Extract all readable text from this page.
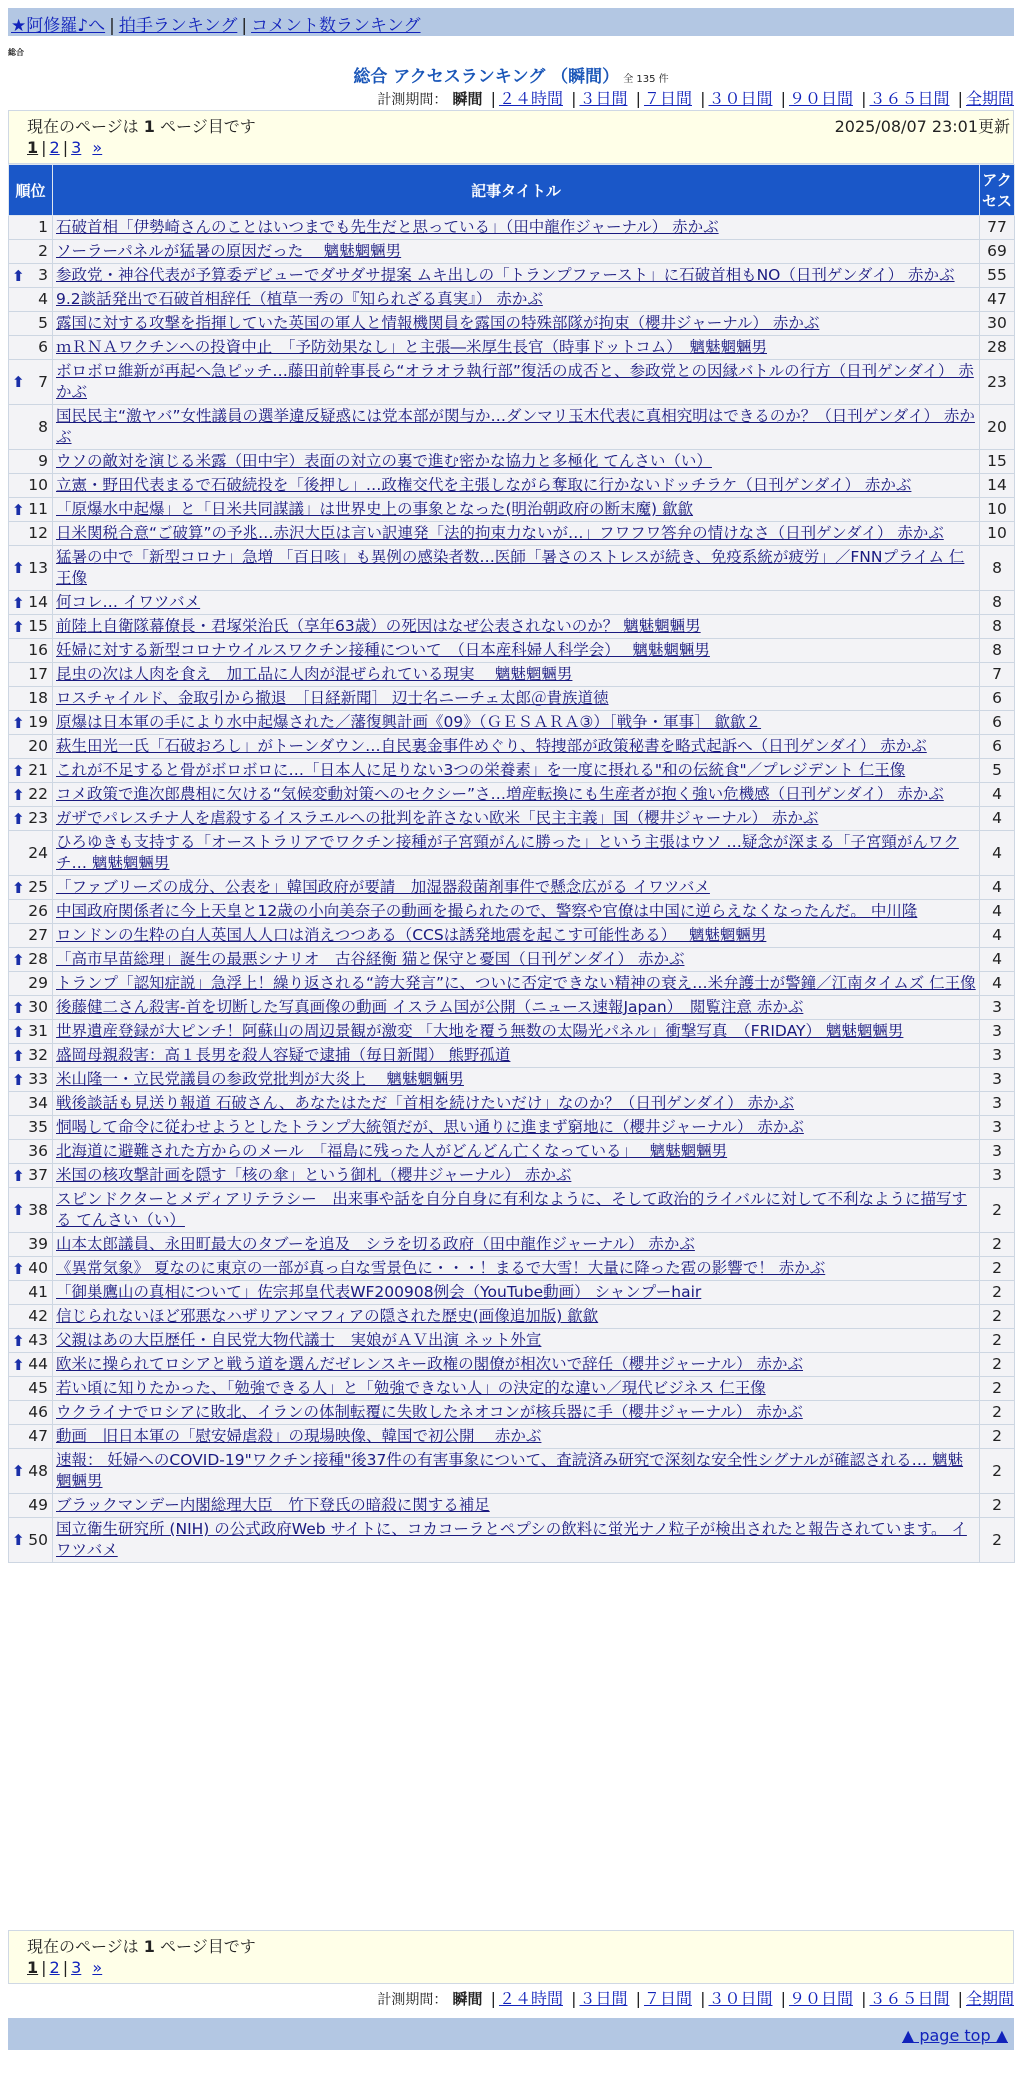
★阿修羅♪へ | 拍手ランキング | コメント数ランキング
総合
総合 アクセスランキング （瞬間） 全 135 件
計測期間： 瞬間 | ２４時間 | ３日間 | ７日間 | ３０日間 | ９０日間 | ３６５日間 | 全期間
現在のページは 1 ページ目です	2025/08/07 23:01更新
1 | 2 | 3 »
順位	記事タイトル	アクセス
1	石破首相「伊勢崎さんのことはいつまでも先生だと思っている」（田中龍作ジャーナル） 赤かぶ	77
2	ソーラーパネルが猛暑の原因だった　 魑魅魍魎男	69

⬆ 3	参政党・神谷代表が予算委デビューでダサダサ提案 ムキ出しの「トランプファースト」に石破首相もNO（日刊ゲンダイ） 赤かぶ	55
4	9.2談話発出で石破首相辞任（植草一秀の『知られざる真実』） 赤かぶ	47
5	露国に対する攻撃を指揮していた英国の軍人と情報機関員を露国の特殊部隊が拘束（櫻井ジャーナル） 赤かぶ	30
6	ｍＲＮＡワクチンへの投資中止　「予防効果なし」と主張―米厚生長官（時事ドットコム）　魑魅魍魎男	28

⬆ 7	ボロボロ維新が再起へ急ピッチ…藤田前幹事長ら“オラオラ執行部”復活の成否と、参政党との因縁バトルの行方（日刊ゲンダイ） 赤かぶ	23
8	国民民主“激ヤバ”女性議員の選挙違反疑惑には党本部が関与か…ダンマリ玉木代表に真相究明はできるのか？（日刊ゲンダイ） 赤かぶ	20
9	ウソの敵対を演じる米露（田中宇）表面の対立の裏で進む密かな協力と多極化 てんさい（い）	15
10	立憲・野田代表まるで石破続投を「後押し」…政権交代を主張しながら奪取に行かないドッチラケ（日刊ゲンダイ） 赤かぶ	14

⬆ 11	「原爆水中起爆」と「日米共同謀議」は世界史上の事象となった(明治朝政府の断末魔) 歙歙	10
12	日米関税合意“ご破算”の予兆…赤沢大臣は言い訳連発「法的拘束力ないが…」フワフワ答弁の情けなさ（日刊ゲンダイ） 赤かぶ	10

⬆ 13	猛暑の中で「新型コロナ」急増 「百日咳」も異例の感染者数…医師「暑さのストレスが続き、免疫系統が疲労」／FNNプライム 仁王像	8

⬆ 14	何コレ… イワツバメ	8

⬆ 15	前陸上自衛隊幕僚長・君塚栄治氏（享年63歳）の死因はなぜ公表されないのか？ 魑魅魍魎男	8
16	妊婦に対する新型コロナウイルスワクチン接種について　（日本産科婦人科学会）　 魑魅魍魎男	8
17	昆虫の次は人肉を食え　加工品に人肉が混ぜられている現実　 魑魅魍魎男	7
18	ロスチャイルド、金取引から撤退　［日経新聞］ 辺士名ニーチェ太郎＠貴族道徳	6

⬆ 19	原爆は日本軍の手により水中起爆された／藩復興計画《09》（ＧＥＳＡＲＡ③）［戦争・軍事］ 歙歙２	6
20	萩生田光一氏「石破おろし」がトーンダウン…自民裏金事件めぐり、特捜部が政策秘書を略式起訴へ（日刊ゲンダイ） 赤かぶ	6

⬆ 21	これが不足すると骨がボロボロに…「日本人に足りない3つの栄養素」を一度に摂れる"和の伝統食"／プレジデント 仁王像	5

⬆ 22	コメ政策で進次郎農相に欠ける“気候変動対策へのセクシー”さ…増産転換にも生産者が抱く強い危機感（日刊ゲンダイ） 赤かぶ	4

⬆ 23	ガザでパレスチナ人を虐殺するイスラエルへの批判を許さない欧米「民主主義」国（櫻井ジャーナル） 赤かぶ	4
24	ひろゆきも支持する「オーストラリアでワクチン接種が子宮頸がんに勝った」という主張はウソ …疑念が深まる「子宮頸がんワクチ… 魑魅魍魎男	4

⬆ 25	「ファブリーズの成分、公表を」韓国政府が要請　加湿器殺菌剤事件で懸念広がる イワツバメ	4
26	中国政府関係者に今上天皇と12歳の小向美奈子の動画を撮られたので、警察や官僚は中国に逆らえなくなったんだ。 中川隆	4
27	ロンドンの生粋の白人英国人人口は消えつつある（CCSは誘発地震を起こす可能性ある）　 魑魅魍魎男	4

⬆ 28	「高市早苗総理」誕生の最悪シナリオ　古谷経衡 猫と保守と憂国（日刊ゲンダイ） 赤かぶ	4
29	トランプ「認知症説」急浮上！繰り返される“誇大発言”に、ついに否定できない精神の衰え…米弁護士が警鐘／江南タイムズ 仁王像	4

⬆ 30	後藤健二さん殺害-首を切断した写真画像の動画 イスラム国が公開（ニュース速報Japan）　閲覧注意 赤かぶ	3

⬆ 31	世界遺産登録が大ピンチ！阿蘇山の周辺景観が激変 「大地を覆う無数の太陽光パネル」衝撃写真　（FRIDAY） 魑魅魍魎男	3

⬆ 32	盛岡母親殺害：高１長男を殺人容疑で逮捕（毎日新聞） 熊野孤道	3

⬆ 33	米山隆一・立民党議員の参政党批判が大炎上　 魑魅魍魎男	3
34	戦後談話も見送り報道 石破さん、あなたはただ「首相を続けたいだけ」なのか？（日刊ゲンダイ） 赤かぶ	3
35	恫喝して命令に従わせようとしたトランプ大統領だが、思い通りに進まず窮地に（櫻井ジャーナル） 赤かぶ	3
36	北海道に避難された方からのメール　「福島に残った人がどんどん亡くなっている」　 魑魅魍魎男	3

⬆ 37	米国の核攻撃計画を隠す「核の傘」という御札（櫻井ジャーナル） 赤かぶ	3

⬆ 38	スピンドクターとメディアリテラシー　出来事や話を自分自身に有利なように、そして政治的ライバルに対して不利なように描写する てんさい（い）	2
39	山本太郎議員、永田町最大のタブーを追及　シラを切る政府（田中龍作ジャーナル） 赤かぶ	2

⬆ 40	《異常気象》 夏なのに東京の一部が真っ白な雪景色に・・・！まるで大雪！大量に降った雹の影響で！ 赤かぶ	2
41	「御巣鷹山の真相について」佐宗邦皇代表WF200908例会（YouTube動画） シャンプーhair	2
42	信じられないほど邪悪なハザリアンマフィアの隠された歴史(画像追加版) 歙歙	2

⬆ 43	父親はあの大臣歴任・自民党大物代議士　実娘がＡＶ出演 ネット外宣	2

⬆ 44	欧米に操られてロシアと戦う道を選んだゼレンスキー政権の閣僚が相次いで辞任（櫻井ジャーナル） 赤かぶ	2
45	若い頃に知りたかった、「勉強できる人」と「勉強できない人」の決定的な違い／現代ビジネス 仁王像	2
46	ウクライナでロシアに敗北、イランの体制転覆に失敗したネオコンが核兵器に手（櫻井ジャーナル） 赤かぶ	2
47	動画　旧日本軍の「慰安婦虐殺」の現場映像、韓国で初公開　 赤かぶ	2

⬆ 48	速報： 妊婦へのCOVID-19"ワクチン接種"後37件の有害事象について、査読済み研究で深刻な安全性シグナルが確認される… 魑魅魍魎男	2
49	ブラックマンデー内閣総理大臣　竹下登氏の暗殺に関する補足	2

⬆ 50	国立衛生研究所 (NIH) の公式政府Web サイトに、コカコーラとペプシの飲料に蛍光ナノ粒子が検出されたと報告されています。 イワツバメ	2
現在のページは 1 ページ目です
1 | 2 | 3 »
計測期間： 瞬間 | ２４時間 | ３日間 | ７日間 | ３０日間 | ９０日間 | ３６５日間 | 全期間
▲ page top ▲
